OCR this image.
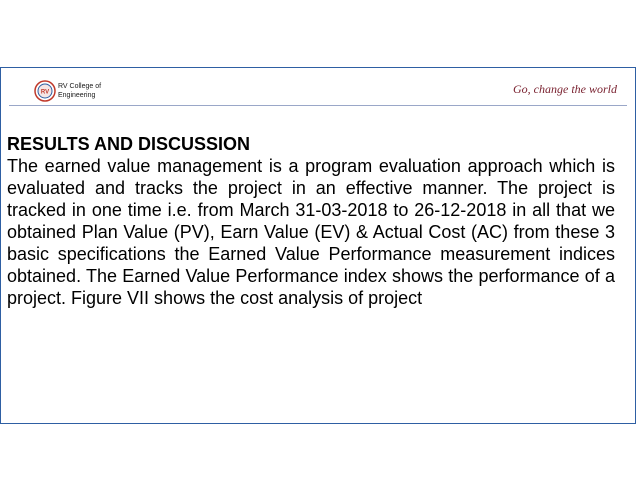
RV
RV College of
Engineering	Go, change the world

RESULTS AND DISCUSSION

The earned value management is a program evaluation approach which is evaluated and tracks the project in an effective manner. The project is tracked in one time i.e. from March 31-03-2018 to 26-12-2018 in all that we obtained Plan Value (PV), Earn Value (EV) & Actual Cost (AC) from these 3 basic specifications the Earned Value Performance measurement indices obtained. The Earned Value Performance index shows the performance of a project. Figure VII shows the cost analysis of project
